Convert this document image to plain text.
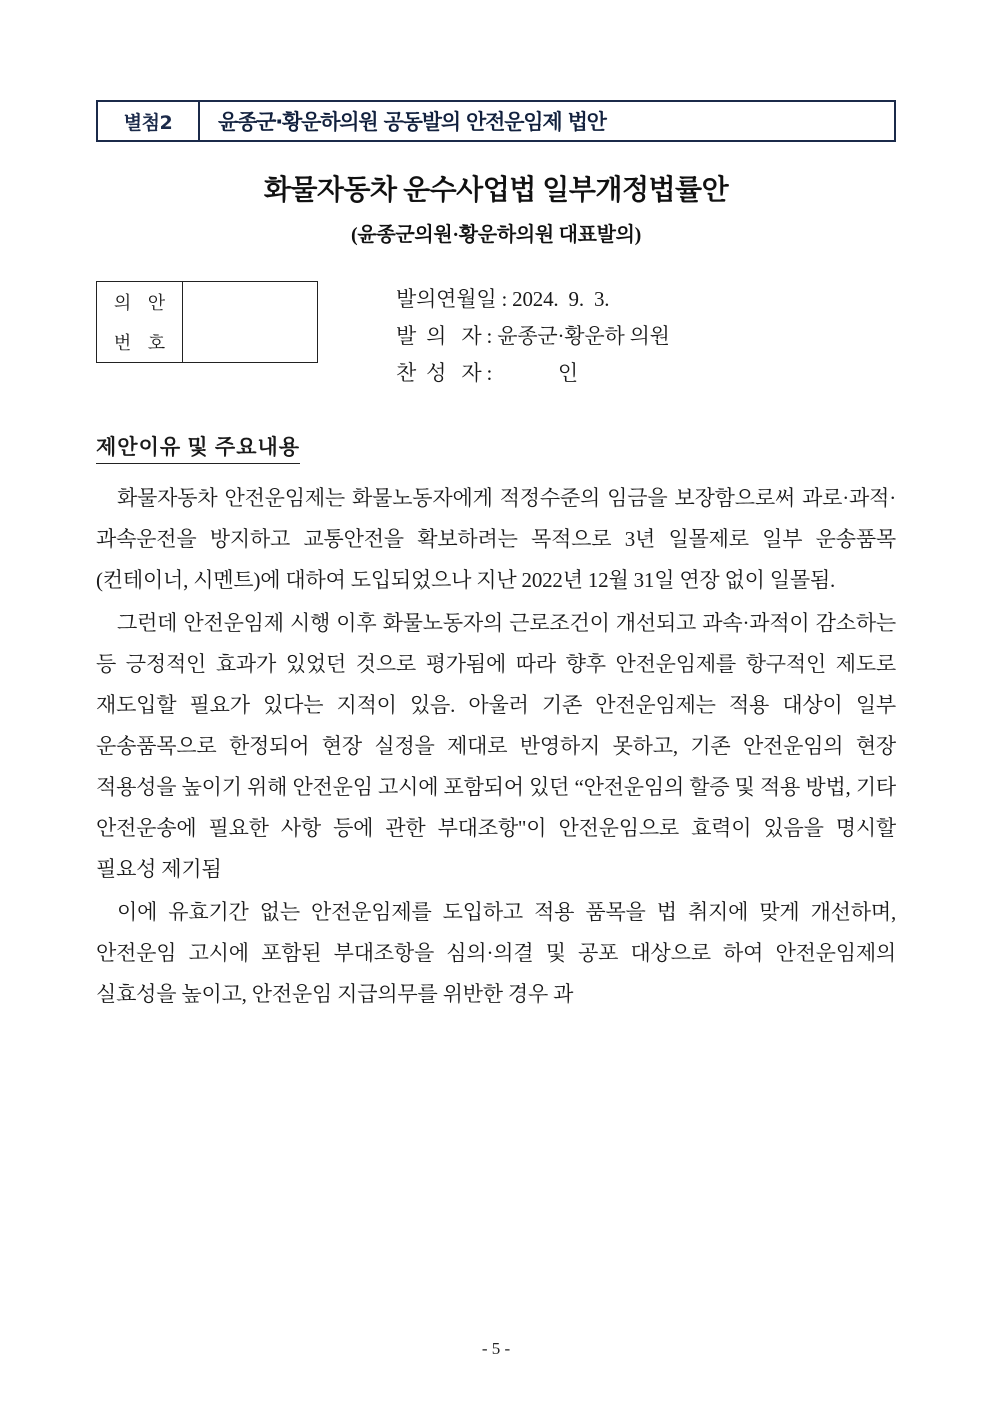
별첨2	윤종군·황운하의원 공동발의 안전운임제 법안
화물자동차 운수사업법 일부개정법률안
(윤종군의원·황운하의원 대표발의)
의 안
번 호
발의연월일 : 2024.  9.  3.
발  의   자 : 윤종군·황운하 의원
찬  성   자 :             인
제안이유 및 주요내용

화물자동차 안전운임제는 화물노동자에게 적정수준의 임금을 보장함으로써 과로·과적·과속운전을 방지하고 교통안전을 확보하려는 목적으로 3년 일몰제로 일부 운송품목(컨테이너, 시멘트)에 대하여 도입되었으나 지난 2022년 12월 31일 연장 없이 일몰됨.

그런데 안전운임제 시행 이후 화물노동자의 근로조건이 개선되고 과속·과적이 감소하는 등 긍정적인 효과가 있었던 것으로 평가됨에 따라 향후 안전운임제를 항구적인 제도로 재도입할 필요가 있다는 지적이 있음. 아울러 기존 안전운임제는 적용 대상이 일부 운송품목으로 한정되어 현장 실정을 제대로 반영하지 못하고, 기존 안전운임의 현장 적용성을 높이기 위해 안전운임 고시에 포함되어 있던 “안전운임의 할증 및 적용 방법, 기타 안전운송에 필요한 사항 등에 관한 부대조항"이 안전운임으로 효력이 있음을 명시할 필요성 제기됨

이에 유효기간 없는 안전운임제를 도입하고 적용 품목을 법 취지에 맞게 개선하며, 안전운임 고시에 포함된 부대조항을 심의·의결 및 공포 대상으로 하여 안전운임제의 실효성을 높이고, 안전운임 지급의무를 위반한 경우 과

- 5 -
